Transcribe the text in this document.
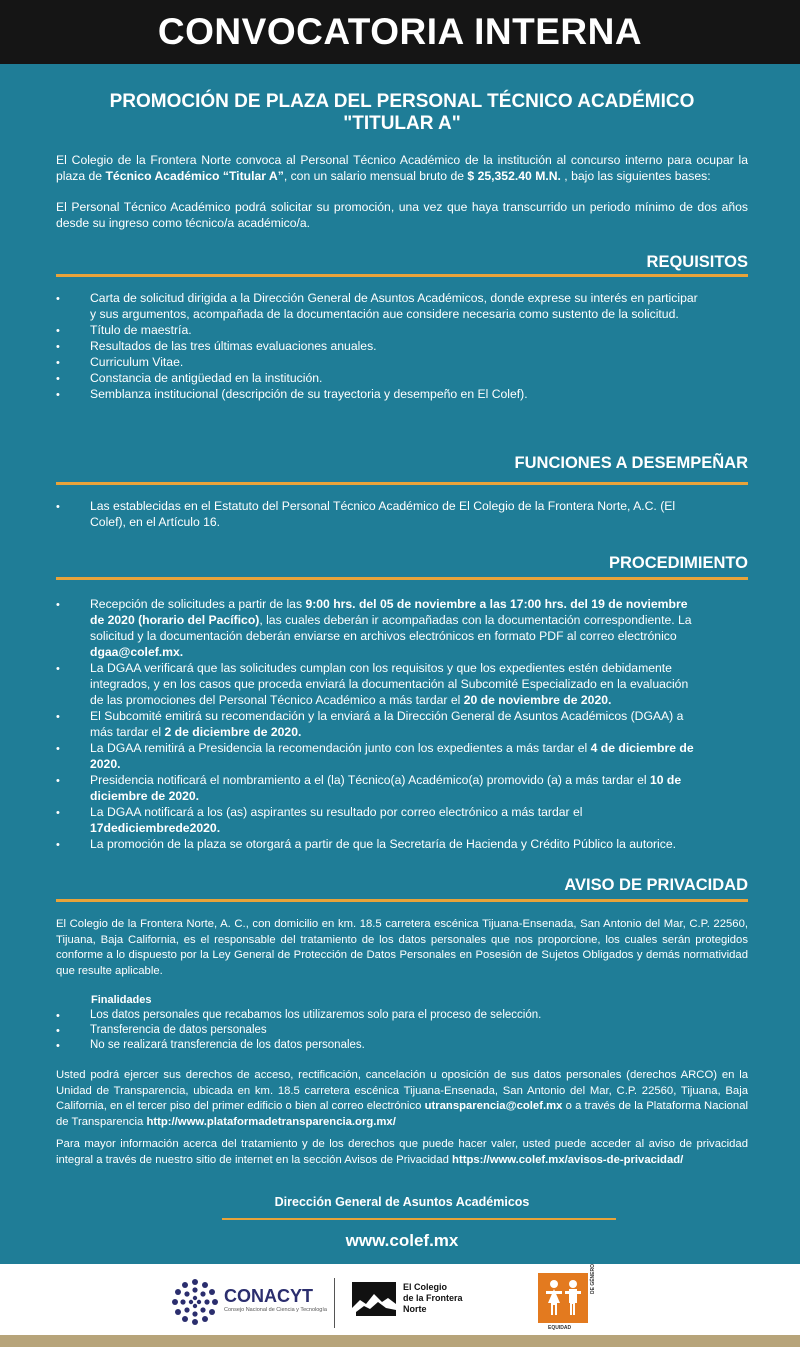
CONVOCATORIA INTERNA
PROMOCIÓN DE PLAZA DEL PERSONAL TÉCNICO ACADÉMICO
"TITULAR A"

El Colegio de la Frontera Norte convoca al Personal Técnico Académico de la institución al concurso interno para ocupar la plaza de Técnico Académico “Titular A”, con un salario mensual bruto de $ 25,352.40 M.N. , bajo las siguientes bases:

El Personal Técnico Académico podrá solicitar su promoción, una vez que haya transcurrido un periodo mínimo de dos años desde su ingreso como técnico/a académico/a.

REQUISITOS
• Carta de solicitud dirigida a la Dirección General de Asuntos Académicos, donde exprese su interés en participar y sus argumentos, acompañada de la documentación aue considere necesaria como sustento de la solicitud.
• Título de maestría.
• Resultados de las tres últimas evaluaciones anuales.
• Curriculum Vitae.
• Constancia de antigüedad en la institución.
• Semblanza institucional (descripción de su trayectoria y desempeño en El Colef).
FUNCIONES A DESEMPEÑAR
• Las establecidas en el Estatuto del Personal Técnico Académico de El Colegio de la Frontera Norte, A.C. (El Colef), en el Artículo 16.
PROCEDIMIENTO
• Recepción de solicitudes a partir de las 9:00 hrs. del 05 de noviembre a las 17:00 hrs. del 19 de noviembre de 2020 (horario del Pacífico), las cuales deberán ir acompañadas con la documentación correspondiente. La solicitud y la documentación deberán enviarse en archivos electrónicos en formato PDF al correo electrónico dgaa@colef.mx.
• La DGAA verificará que las solicitudes cumplan con los requisitos y que los expedientes estén debidamente integrados, y en los casos que proceda enviará la documentación al Subcomité Especializado en la evaluación de las promociones del Personal Técnico Académico a más tardar el 20 de noviembre de 2020.
• El Subcomité emitirá su recomendación y la enviará a la Dirección General de Asuntos Académicos (DGAA) a más tardar el 2 de diciembre de 2020.
• La DGAA remitirá a Presidencia la recomendación junto con los expedientes a más tardar el 4 de diciembre de 2020.
• Presidencia notificará el nombramiento a el (la) Técnico(a) Académico(a) promovido (a) a más tardar el 10 de diciembre de 2020.
• La DGAA notificará a los (as) aspirantes su resultado por correo electrónico a más tardar el 17dediciembrede2020.
• La promoción de la plaza se otorgará a partir de que la Secretaría de Hacienda y Crédito Público la autorice.
AVISO DE PRIVACIDAD

El Colegio de la Frontera Norte, A. C., con domicilio en km. 18.5 carretera escénica Tijuana-Ensenada, San Antonio del Mar, C.P. 22560, Tijuana, Baja California, es el responsable del tratamiento de los datos personales que nos proporcione, los cuales serán protegidos conforme a lo dispuesto por la Ley General de Protección de Datos Personales en Posesión de Sujetos Obligados y demás normatividad que resulte aplicable.

Finalidades
• Los datos personales que recabamos los utilizaremos solo para el proceso de selección.
• Transferencia de datos personales
• No se realizará transferencia de los datos personales.

Usted podrá ejercer sus derechos de acceso, rectificación, cancelación u oposición de sus datos personales (derechos ARCO) en la Unidad de Transparencia, ubicada en km. 18.5 carretera escénica Tijuana-Ensenada, San Antonio del Mar, C.P. 22560, Tijuana, Baja California, en el tercer piso del primer edificio o bien al correo electrónico utransparencia@colef.mx o a través de la Plataforma Nacional de Transparencia http://www.plataformadetransparencia.org.mx/

Para mayor información acerca del tratamiento y de los derechos que puede hacer valer, usted puede acceder al aviso de privacidad integral a través de nuestro sitio de internet en la sección Avisos de Privacidad https://www.colef.mx/avisos-de-privacidad/

Dirección General de Asuntos Académicos
www.colef.mx
CONACYT
Consejo Nacional de Ciencia y Tecnología
El Colegio
de la Frontera
Norte
EQUIDAD
DE GÉNERO
